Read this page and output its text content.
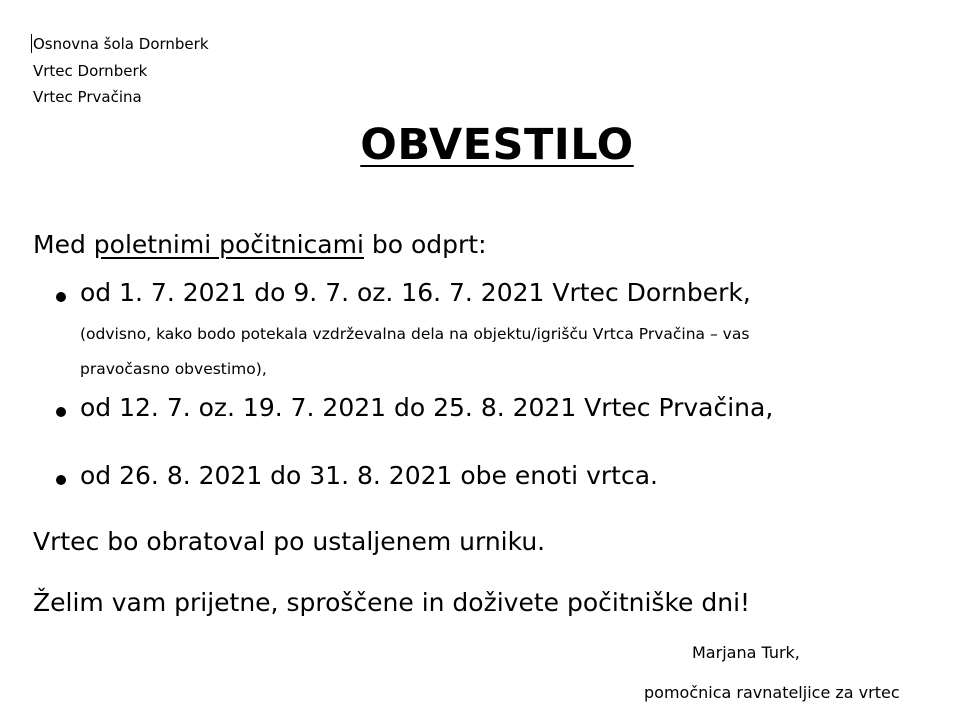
Osnovna šola Dornberk
Vrtec Dornberk
Vrtec Prvačina
OBVESTILO
Med poletnimi počitnicami bo odprt:
od 1. 7. 2021 do 9. 7. oz. 16. 7. 2021 Vrtec Dornberk,
(odvisno, kako bodo potekala vzdrževalna dela na objektu/igrišču Vrtca Prvačina – vas
pravočasno obvestimo),
od 12. 7. oz. 19. 7. 2021 do 25. 8. 2021 Vrtec Prvačina,
od 26. 8. 2021 do 31. 8. 2021 obe enoti vrtca.
Vrtec bo obratoval po ustaljenem urniku.
Želim vam prijetne, sproščene in doživete počitniške dni!
Marjana Turk,
pomočnica ravnateljice za vrtec
